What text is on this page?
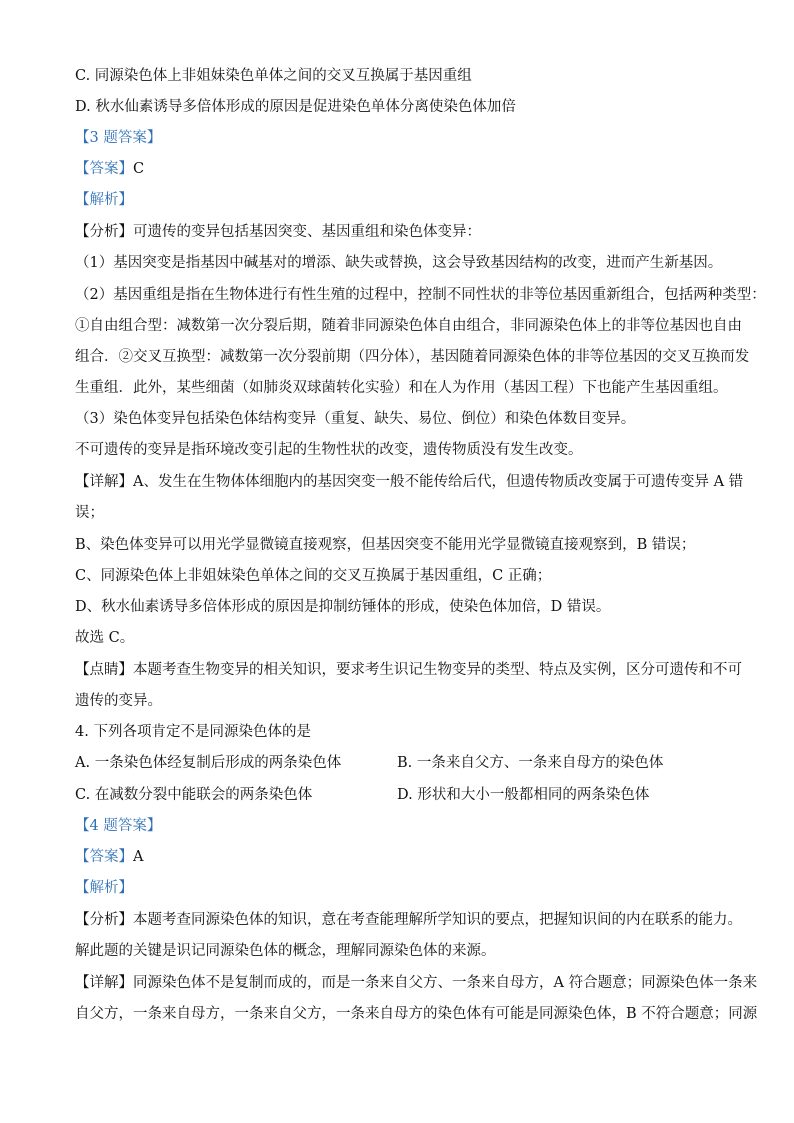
C. 同源染色体上非姐妹染色单体之间的交叉互换属于基因重组
D. 秋水仙素诱导多倍体形成的原因是促进染色单体分离使染色体加倍
【3 题答案】
【答案】C
【解析】
【分析】可遗传的变异包括基因突变、基因重组和染色体变异：
（1）基因突变是指基因中碱基对的增添、缺失或替换，这会导致基因结构的改变，进而产生新基因。
（2）基因重组是指在生物体进行有性生殖的过程中，控制不同性状的非等位基因重新组合，包括两种类型：
①自由组合型：减数第一次分裂后期，随着非同源染色体自由组合，非同源染色体上的非等位基因也自由
组合．②交叉互换型：减数第一次分裂前期（四分体），基因随着同源染色体的非等位基因的交叉互换而发
生重组．此外，某些细菌（如肺炎双球菌转化实验）和在人为作用（基因工程）下也能产生基因重组。
（3）染色体变异包括染色体结构变异（重复、缺失、易位、倒位）和染色体数目变异。
不可遗传的变异是指环境改变引起的生物性状的改变，遗传物质没有发生改变。
【详解】A、发生在生物体体细胞内的基因突变一般不能传给后代，但遗传物质改变属于可遗传变异 A 错
误；
B、染色体变异可以用光学显微镜直接观察，但基因突变不能用光学显微镜直接观察到，B 错误；
C、同源染色体上非姐妹染色单体之间的交叉互换属于基因重组，C 正确；
D、秋水仙素诱导多倍体形成的原因是抑制纺锤体的形成，使染色体加倍，D 错误。
故选 C。
【点睛】本题考查生物变异的相关知识，要求考生识记生物变异的类型、特点及实例，区分可遗传和不可
遗传的变异。
4. 下列各项肯定不是同源染色体的是
A. 一条染色体经复制后形成的两条染色体	B. 一条来自父方、一条来自母方的染色体
C. 在减数分裂中能联会的两条染色体	D. 形状和大小一般都相同的两条染色体
【4 题答案】
【答案】A
【解析】
【分析】本题考查同源染色体的知识，意在考查能理解所学知识的要点，把握知识间的内在联系的能力。
解此题的关键是识记同源染色体的概念，理解同源染色体的来源。
【详解】同源染色体不是复制而成的，而是一条来自父方、一条来自母方，A 符合题意；同源染色体一条来
自父方，一条来自母方，一条来自父方，一条来自母方的染色体有可能是同源染色体，B 不符合题意；同源
